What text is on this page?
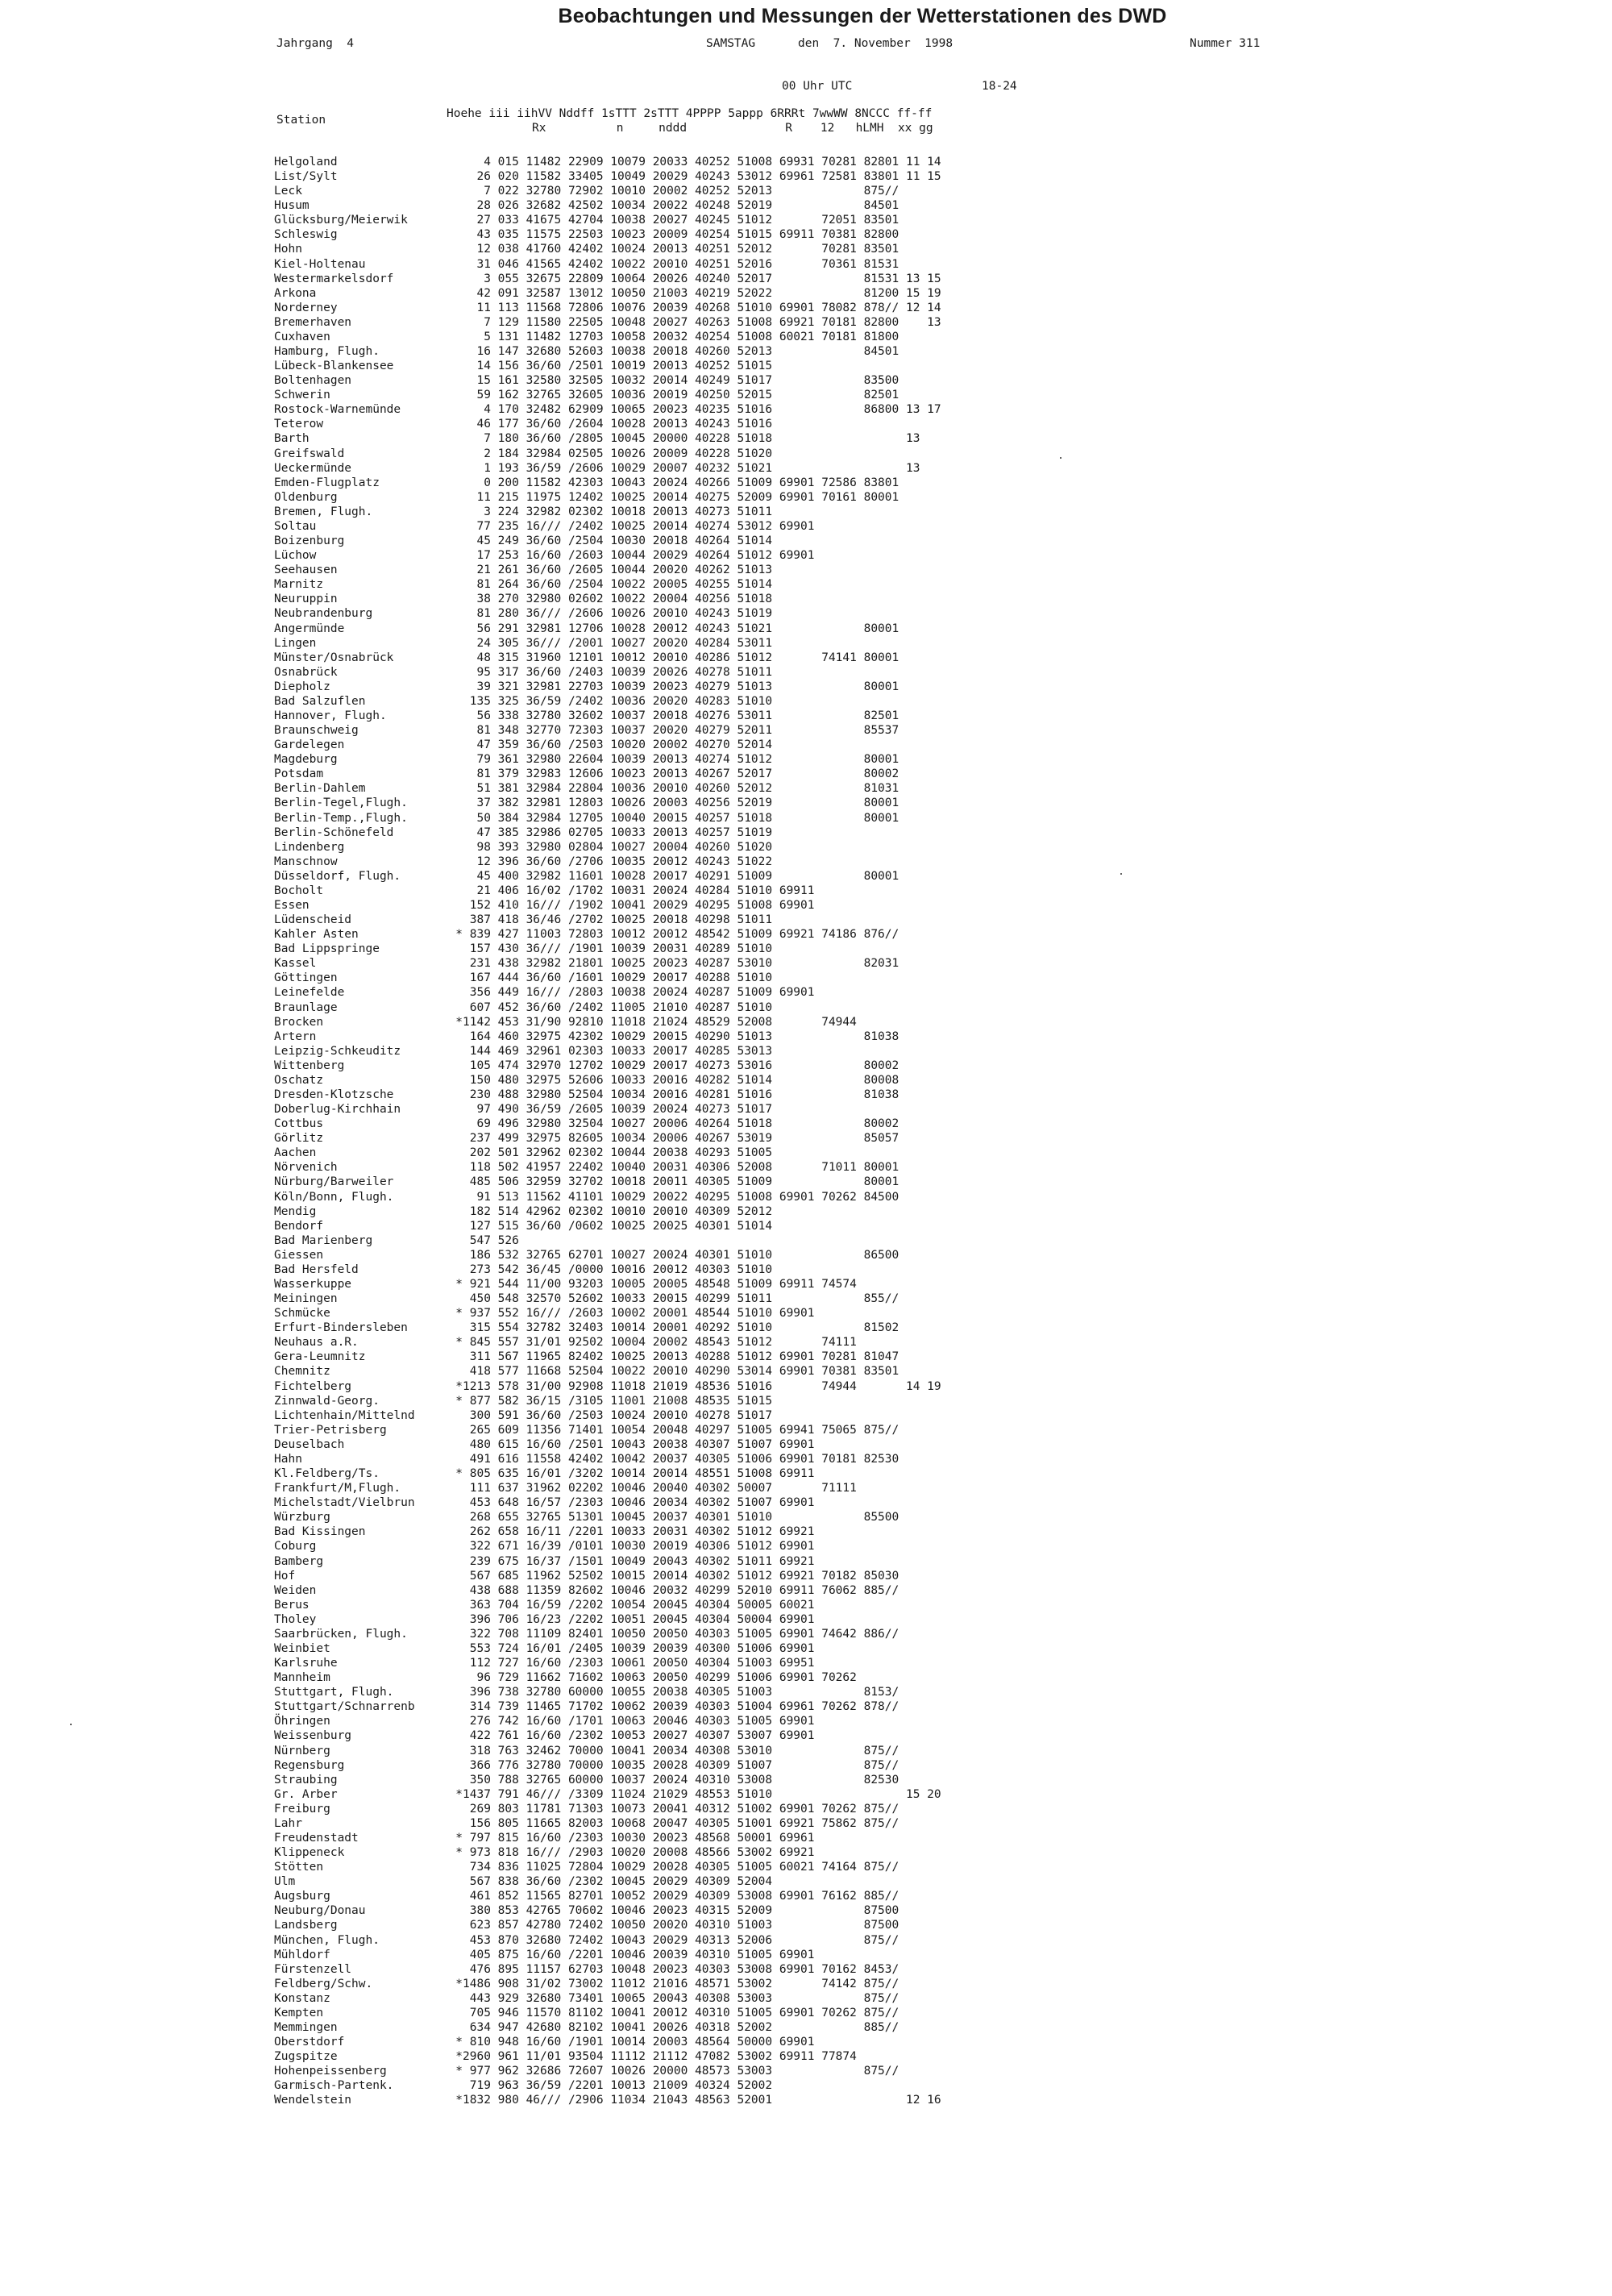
Beobachtungen und Messungen der Wetterstationen des DWD
Jahrgang  4	SAMSTAG	den  7. November  1998	Nummer 311
00 Uhr UTC	18-24
Station	Hoehe iii iihVV Nddff 1sTTT 2sTTT 4PPPP 5appp 6RRRt 7wwWW 8NCCC ff-ff
Rx          n     nddd              R    12   hLMH  xx gg
Helgoland	4 015 11482 22909 10079 20033 40252 51008 69931 70281 82801 11 14
List/Sylt	26 020 11582 33405 10049 20029 40243 53012 69961 72581 83801 11 15
Leck	7 022 32780 72902 10010 20002 40252 52013             875//
Husum	28 026 32682 42502 10034 20022 40248 52019             84501
Glücksburg/Meierwik	27 033 41675 42704 10038 20027 40245 51012       72051 83501
Schleswig	43 035 11575 22503 10023 20009 40254 51015 69911 70381 82800
Hohn	12 038 41760 42402 10024 20013 40251 52012       70281 83501
Kiel-Holtenau	31 046 41565 42402 10022 20010 40251 52016       70361 81531
Westermarkelsdorf	3 055 32675 22809 10064 20026 40240 52017             81531 13 15
Arkona	42 091 32587 13012 10050 21003 40219 52022             81200 15 19
Norderney	11 113 11568 72806 10076 20039 40268 51010 69901 78082 878// 12 14
Bremerhaven	7 129 11580 22505 10048 20027 40263 51008 69921 70181 82800    13
Cuxhaven	5 131 11482 12703 10058 20032 40254 51008 60021 70181 81800
Hamburg, Flugh.	16 147 32680 52603 10038 20018 40260 52013             84501
Lübeck-Blankensee	14 156 36/60 /2501 10019 20013 40252 51015
Boltenhagen	15 161 32580 32505 10032 20014 40249 51017             83500
Schwerin	59 162 32765 32605 10036 20019 40250 52015             82501
Rostock-Warnemünde	4 170 32482 62909 10065 20023 40235 51016             86800 13 17
Teterow	46 177 36/60 /2604 10028 20013 40243 51016
Barth	7 180 36/60 /2805 10045 20000 40228 51018                   13
Greifswald	2 184 32984 02505 10026 20009 40228 51020
Ueckermünde	1 193 36/59 /2606 10029 20007 40232 51021                   13
Emden-Flugplatz	0 200 11582 42303 10043 20024 40266 51009 69901 72586 83801
Oldenburg	11 215 11975 12402 10025 20014 40275 52009 69901 70161 80001
Bremen, Flugh.	3 224 32982 02302 10018 20013 40273 51011
Soltau	77 235 16/// /2402 10025 20014 40274 53012 69901
Boizenburg	45 249 36/60 /2504 10030 20018 40264 51014
Lüchow	17 253 16/60 /2603 10044 20029 40264 51012 69901
Seehausen	21 261 36/60 /2605 10044 20020 40262 51013
Marnitz	81 264 36/60 /2504 10022 20005 40255 51014
Neuruppin	38 270 32980 02602 10022 20004 40256 51018
Neubrandenburg	81 280 36/// /2606 10026 20010 40243 51019
Angermünde	56 291 32981 12706 10028 20012 40243 51021             80001
Lingen	24 305 36/// /2001 10027 20020 40284 53011
Münster/Osnabrück	48 315 31960 12101 10012 20010 40286 51012       74141 80001
Osnabrück	95 317 36/60 /2403 10039 20026 40278 51011
Diepholz	39 321 32981 22703 10039 20023 40279 51013             80001
Bad Salzuflen	135 325 36/59 /2402 10036 20020 40283 51010
Hannover, Flugh.	56 338 32780 32602 10037 20018 40276 53011             82501
Braunschweig	81 348 32770 72303 10037 20020 40279 52011             85537
Gardelegen	47 359 36/60 /2503 10020 20002 40270 52014
Magdeburg	79 361 32980 22604 10039 20013 40274 51012             80001
Potsdam	81 379 32983 12606 10023 20013 40267 52017             80002
Berlin-Dahlem	51 381 32984 22804 10036 20010 40260 52012             81031
Berlin-Tegel,Flugh.	37 382 32981 12803 10026 20003 40256 52019             80001
Berlin-Temp.,Flugh.	50 384 32984 12705 10040 20015 40257 51018             80001
Berlin-Schönefeld	47 385 32986 02705 10033 20013 40257 51019
Lindenberg	98 393 32980 02804 10027 20004 40260 51020
Manschnow	12 396 36/60 /2706 10035 20012 40243 51022
Düsseldorf, Flugh.	45 400 32982 11601 10028 20017 40291 51009             80001
Bocholt	21 406 16/02 /1702 10031 20024 40284 51010 69911
Essen	152 410 16/// /1902 10041 20029 40295 51008 69901
Lüdenscheid	387 418 36/46 /2702 10025 20018 40298 51011
Kahler Asten	* 839 427 11003 72803 10012 20012 48542 51009 69921 74186 876//
Bad Lippspringe	157 430 36/// /1901 10039 20031 40289 51010
Kassel	231 438 32982 21801 10025 20023 40287 53010             82031
Göttingen	167 444 36/60 /1601 10029 20017 40288 51010
Leinefelde	356 449 16/// /2803 10038 20024 40287 51009 69901
Braunlage	607 452 36/60 /2402 11005 21010 40287 51010
Brocken	*1142 453 31/90 92810 11018 21024 48529 52008       74944
Artern	164 460 32975 42302 10029 20015 40290 51013             81038
Leipzig-Schkeuditz	144 469 32961 02303 10033 20017 40285 53013
Wittenberg	105 474 32970 12702 10029 20017 40273 53016             80002
Oschatz	150 480 32975 52606 10033 20016 40282 51014             80008
Dresden-Klotzsche	230 488 32980 52504 10034 20016 40281 51016             81038
Doberlug-Kirchhain	97 490 36/59 /2605 10039 20024 40273 51017
Cottbus	69 496 32980 32504 10027 20006 40264 51018             80002
Görlitz	237 499 32975 82605 10034 20006 40267 53019             85057
Aachen	202 501 32962 02302 10044 20038 40293 51005
Nörvenich	118 502 41957 22402 10040 20031 40306 52008       71011 80001
Nürburg/Barweiler	485 506 32959 32702 10018 20011 40305 51009             80001
Köln/Bonn, Flugh.	91 513 11562 41101 10029 20022 40295 51008 69901 70262 84500
Mendig	182 514 42962 02302 10010 20010 40309 52012
Bendorf	127 515 36/60 /0602 10025 20025 40301 51014
Bad Marienberg	547 526
Giessen	186 532 32765 62701 10027 20024 40301 51010             86500
Bad Hersfeld	273 542 36/45 /0000 10016 20012 40303 51010
Wasserkuppe	* 921 544 11/00 93203 10005 20005 48548 51009 69911 74574
Meiningen	450 548 32570 52602 10033 20015 40299 51011             855//
Schmücke	* 937 552 16/// /2603 10002 20001 48544 51010 69901
Erfurt-Bindersleben	315 554 32782 32403 10014 20001 40292 51010             81502
Neuhaus a.R.	* 845 557 31/01 92502 10004 20002 48543 51012       74111
Gera-Leumnitz	311 567 11965 82402 10025 20013 40288 51012 69901 70281 81047
Chemnitz	418 577 11668 52504 10022 20010 40290 53014 69901 70381 83501
Fichtelberg	*1213 578 31/00 92908 11018 21019 48536 51016       74944       14 19
Zinnwald-Georg.	* 877 582 36/15 /3105 11001 21008 48535 51015
Lichtenhain/Mittelnd	300 591 36/60 /2503 10024 20010 40278 51017
Trier-Petrisberg	265 609 11356 71401 10054 20048 40297 51005 69941 75065 875//
Deuselbach	480 615 16/60 /2501 10043 20038 40307 51007 69901
Hahn	491 616 11558 42402 10042 20037 40305 51006 69901 70181 82530
Kl.Feldberg/Ts.	* 805 635 16/01 /3202 10014 20014 48551 51008 69911
Frankfurt/M,Flugh.	111 637 31962 02202 10046 20040 40302 50007       71111
Michelstadt/Vielbrun	453 648 16/57 /2303 10046 20034 40302 51007 69901
Würzburg	268 655 32765 51301 10045 20037 40301 51010             85500
Bad Kissingen	262 658 16/11 /2201 10033 20031 40302 51012 69921
Coburg	322 671 16/39 /0101 10030 20019 40306 51012 69901
Bamberg	239 675 16/37 /1501 10049 20043 40302 51011 69921
Hof	567 685 11962 52502 10015 20014 40302 51012 69921 70182 85030
Weiden	438 688 11359 82602 10046 20032 40299 52010 69911 76062 885//
Berus	363 704 16/59 /2202 10054 20045 40304 50005 60021
Tholey	396 706 16/23 /2202 10051 20045 40304 50004 69901
Saarbrücken, Flugh.	322 708 11109 82401 10050 20050 40303 51005 69901 74642 886//
Weinbiet	553 724 16/01 /2405 10039 20039 40300 51006 69901
Karlsruhe	112 727 16/60 /2303 10061 20050 40304 51003 69951
Mannheim	96 729 11662 71602 10063 20050 40299 51006 69901 70262
Stuttgart, Flugh.	396 738 32780 60000 10055 20038 40305 51003             8153/
Stuttgart/Schnarrenb	314 739 11465 71702 10062 20039 40303 51004 69961 70262 878//
Öhringen	276 742 16/60 /1701 10063 20046 40303 51005 69901
Weissenburg	422 761 16/60 /2302 10053 20027 40307 53007 69901
Nürnberg	318 763 32462 70000 10041 20034 40308 53010             875//
Regensburg	366 776 32780 70000 10035 20028 40309 51007             875//
Straubing	350 788 32765 60000 10037 20024 40310 53008             82530
Gr. Arber	*1437 791 46/// /3309 11024 21029 48553 51010                   15 20
Freiburg	269 803 11781 71303 10073 20041 40312 51002 69901 70262 875//
Lahr	156 805 11665 82003 10068 20047 40305 51001 69921 75862 875//
Freudenstadt	* 797 815 16/60 /2303 10030 20023 48568 50001 69961
Klippeneck	* 973 818 16/// /2903 10020 20008 48566 53002 69921
Stötten	734 836 11025 72804 10029 20028 40305 51005 60021 74164 875//
Ulm	567 838 36/60 /2302 10045 20029 40309 52004
Augsburg	461 852 11565 82701 10052 20029 40309 53008 69901 76162 885//
Neuburg/Donau	380 853 42765 70602 10046 20023 40315 52009             87500
Landsberg	623 857 42780 72402 10050 20020 40310 51003             87500
München, Flugh.	453 870 32680 72402 10043 20029 40313 52006             875//
Mühldorf	405 875 16/60 /2201 10046 20039 40310 51005 69901
Fürstenzell	476 895 11157 62703 10048 20023 40303 53008 69901 70162 8453/
Feldberg/Schw.	*1486 908 31/02 73002 11012 21016 48571 53002       74142 875//
Konstanz	443 929 32680 73401 10065 20043 40308 53003             875//
Kempten	705 946 11570 81102 10041 20012 40310 51005 69901 70262 875//
Memmingen	634 947 42680 82102 10041 20026 40318 52002             885//
Oberstdorf	* 810 948 16/60 /1901 10014 20003 48564 50000 69901
Zugspitze	*2960 961 11/01 93504 11112 21112 47082 53002 69911 77874
Hohenpeissenberg	* 977 962 32686 72607 10026 20000 48573 53003             875//
Garmisch-Partenk.	719 963 36/59 /2201 10013 21009 40324 52002
Wendelstein	*1832 980 46/// /2906 11034 21043 48563 52001                   12 16
